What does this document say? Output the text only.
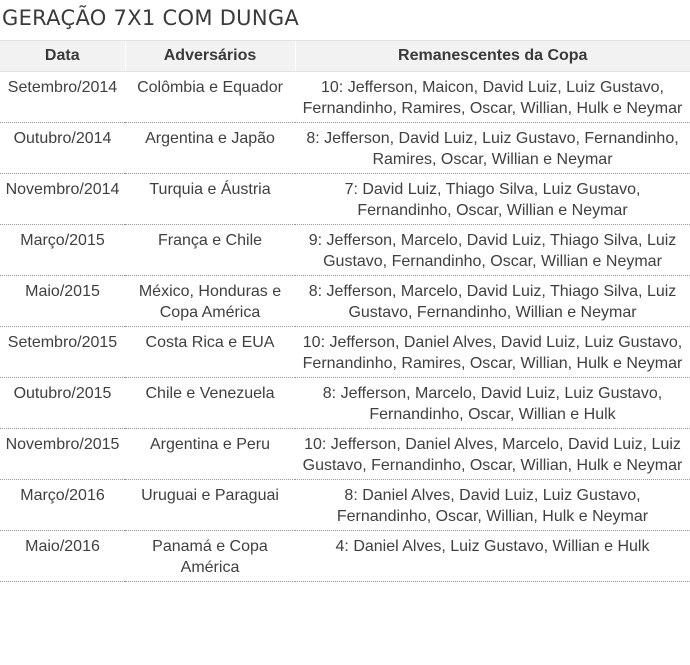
GERAÇÃO 7X1 COM DUNGA
Data	Adversários	Remanescentes da Copa
Setembro/2014	Colômbia e Equador	10: Jefferson, Maicon, David Luiz, Luiz Gustavo, Fernandinho, Ramires, Oscar, Willian, Hulk e Neymar
Outubro/2014	Argentina e Japão	8: Jefferson, David Luiz, Luiz Gustavo, Fernandinho, Ramires, Oscar, Willian e Neymar
Novembro/2014	Turquia e Áustria	7: David Luiz, Thiago Silva, Luiz Gustavo, Fernandinho, Oscar, Willian e Neymar
Março/2015	França e Chile	9: Jefferson, Marcelo, David Luiz, Thiago Silva, Luiz Gustavo, Fernandinho, Oscar, Willian e Neymar
Maio/2015	México, Honduras e Copa América	8: Jefferson, Marcelo, David Luiz, Thiago Silva, Luiz Gustavo, Fernandinho, Willian e Neymar
Setembro/2015	Costa Rica e EUA	10: Jefferson, Daniel Alves, David Luiz, Luiz Gustavo, Fernandinho, Ramires, Oscar, Willian, Hulk e Neymar
Outubro/2015	Chile e Venezuela	8: Jefferson, Marcelo, David Luiz, Luiz Gustavo, Fernandinho, Oscar, Willian e Hulk
Novembro/2015	Argentina e Peru	10: Jefferson, Daniel Alves, Marcelo, David Luiz, Luiz Gustavo, Fernandinho, Oscar, Willian, Hulk e Neymar
Março/2016	Uruguai e Paraguai	8: Daniel Alves, David Luiz, Luiz Gustavo, Fernandinho, Oscar, Willian, Hulk e Neymar
Maio/2016	Panamá e Copa América	4: Daniel Alves, Luiz Gustavo, Willian e Hulk
